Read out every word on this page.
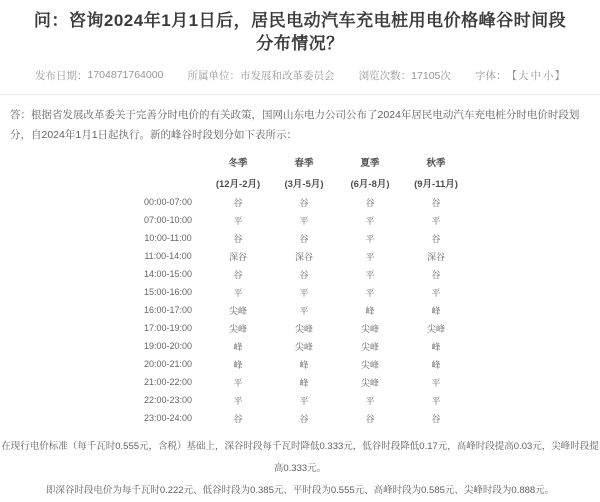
问：咨询2024年1月1日后，居民电动汽车充电桩用电价格峰谷时间段分布情况？
发布日期： 1704871764000 所属单位： 市发展和改革委员会 浏览次数： 17105次 字体： 【 大 中 小 】

答：根据省发展改革委关于完善分时电价的有关政策，国网山东电力公司公布了2024年居民电动汽车充电桩分时电价时段划分，自2024年1月1日起执行。新的峰谷时段划分如下表所示：

	冬季	春季	夏季	秋季
	(12月-2月)	(3月-5月)	(6月-8月)	(9月-11月)
00:00-07:00	谷	谷	谷	谷
07:00-10:00	平	平	平	平
10:00-11:00	谷	谷	平	谷
11:00-14:00	深谷	深谷	平	深谷
14:00-15:00	谷	谷	平	谷
15:00-16:00	平	平	平	平
16:00-17:00	尖峰	平	峰	峰
17:00-19:00	尖峰	尖峰	尖峰	尖峰
19:00-20:00	峰	尖峰	尖峰	峰
20:00-21:00	峰	峰	尖峰	峰
21:00-22:00	平	峰	尖峰	平
22:00-23:00	平	平	平	平
23:00-24:00	谷	谷	谷	谷
在现行电价标准（每千瓦时0.555元，含税）基础上，深谷时段每千瓦时降低0.333元，低谷时段降低0.17元，高峰时段提高0.03元，尖峰时段提高0.333元。
即深谷时段电价为每千瓦时0.222元、低谷时段为0.385元、平时段为0.555元、高峰时段为0.585元、尖峰时段为0.888元。
